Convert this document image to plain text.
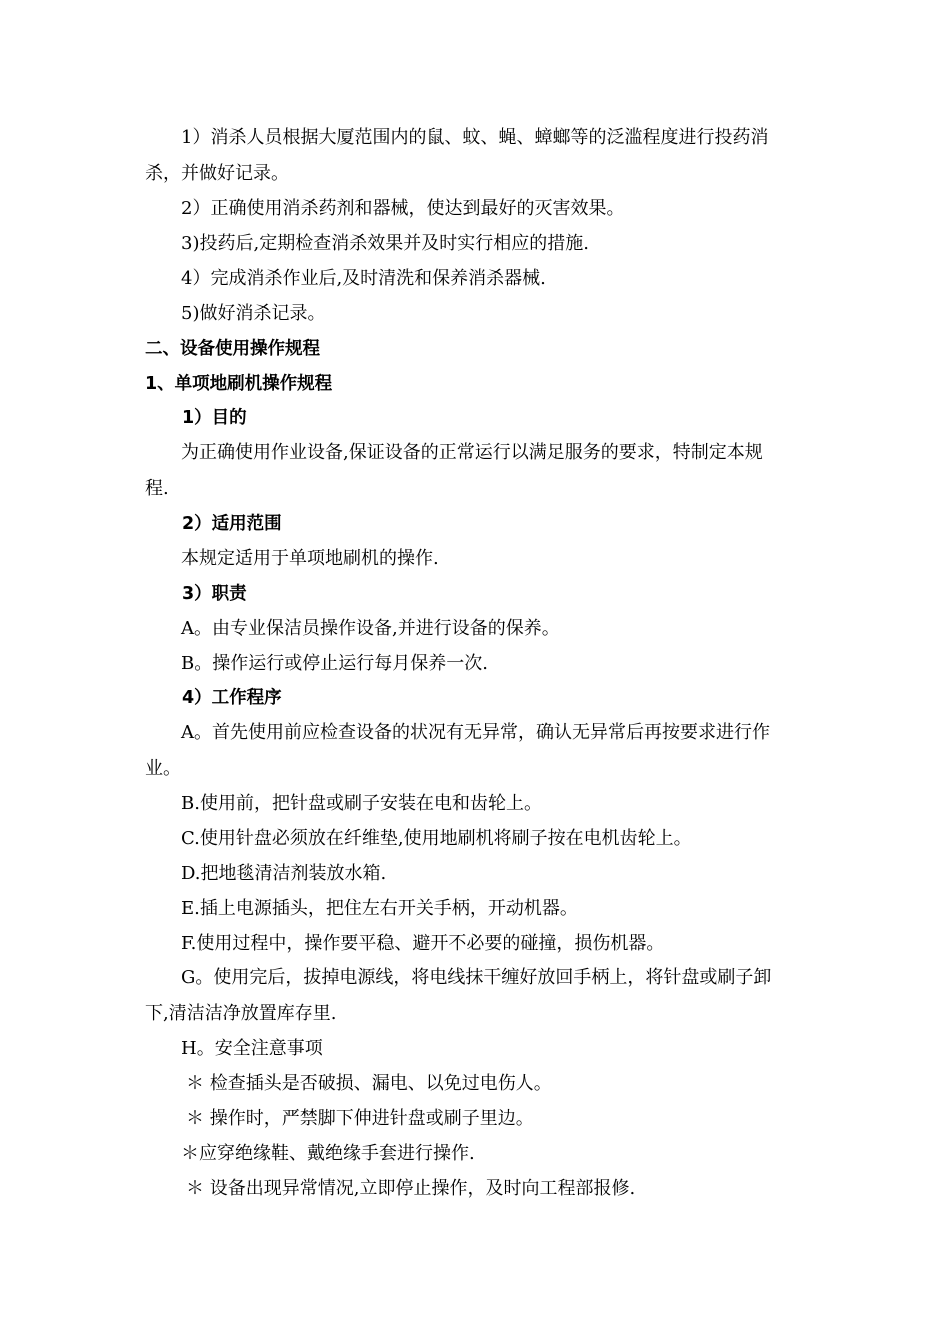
1）消杀人员根据大厦范围内的鼠、蚊、蝇、蟑螂等的泛滥程度进行投药消
杀，并做好记录。
2）正确使用消杀药剂和器械，使达到最好的灭害效果。
3)投药后,定期检查消杀效果并及时实行相应的措施.
4）完成消杀作业后,及时清洗和保养消杀器械.
5)做好消杀记录。
二、设备使用操作规程
1、单项地刷机操作规程
1）目的
为正确使用作业设备,保证设备的正常运行以满足服务的要求，特制定本规
程.
2）适用范围
本规定适用于单项地刷机的操作.
3）职责
A。由专业保洁员操作设备,并进行设备的保养。
B。操作运行或停止运行每月保养一次.
4）工作程序
A。首先使用前应检查设备的状况有无异常，确认无异常后再按要求进行作
业。
B.使用前，把针盘或刷子安装在电和齿轮上。
C.使用针盘必须放在纤维垫,使用地刷机将刷子按在电机齿轮上。
D.把地毯清洁剂装放水箱.
E.插上电源插头，把住左右开关手柄，开动机器。
F.使用过程中，操作要平稳、避开不必要的碰撞，损伤机器。
G。使用完后，拔掉电源线，将电线抹干缠好放回手柄上，将针盘或刷子卸
下,清洁洁净放置库存里.
H。安全注意事项
＊ 检查插头是否破损、漏电、以免过电伤人。
＊ 操作时，严禁脚下伸进针盘或刷子里边。
＊应穿绝缘鞋、戴绝缘手套进行操作.
＊ 设备出现异常情况,立即停止操作，及时向工程部报修.
